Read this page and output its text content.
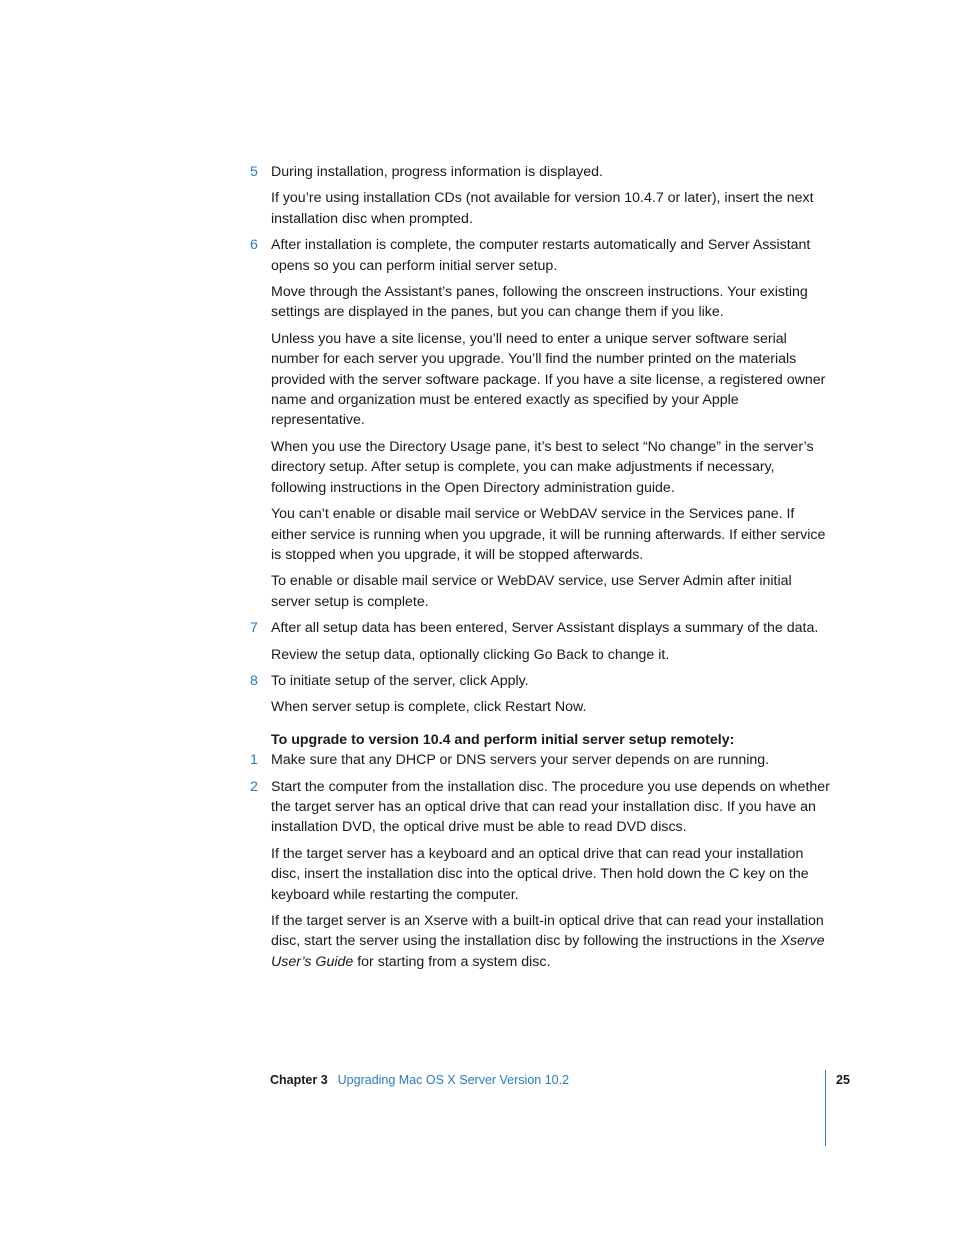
5 During installation, progress information is displayed.

If you’re using installation CDs (not available for version 10.4.7 or later), insert the next installation disc when prompted.

6 After installation is complete, the computer restarts automatically and Server Assistant opens so you can perform initial server setup.

Move through the Assistant’s panes, following the onscreen instructions. Your existing settings are displayed in the panes, but you can change them if you like.

Unless you have a site license, you’ll need to enter a unique server software serial number for each server you upgrade. You’ll find the number printed on the materials provided with the server software package. If you have a site license, a registered owner name and organization must be entered exactly as specified by your Apple representative.

When you use the Directory Usage pane, it’s best to select “No change” in the server’s directory setup. After setup is complete, you can make adjustments if necessary, following instructions in the Open Directory administration guide.

You can’t enable or disable mail service or WebDAV service in the Services pane. If either service is running when you upgrade, it will be running afterwards. If either service is stopped when you upgrade, it will be stopped afterwards.

To enable or disable mail service or WebDAV service, use Server Admin after initial server setup is complete.

7 After all setup data has been entered, Server Assistant displays a summary of the data.

Review the setup data, optionally clicking Go Back to change it.

8 To initiate setup of the server, click Apply.

When server setup is complete, click Restart Now.

To upgrade to version 10.4 and perform initial server setup remotely:
1 Make sure that any DHCP or DNS servers your server depends on are running.

2 Start the computer from the installation disc. The procedure you use depends on whether the target server has an optical drive that can read your installation disc. If you have an installation DVD, the optical drive must be able to read DVD discs.

If the target server has a keyboard and an optical drive that can read your installation disc, insert the installation disc into the optical drive. Then hold down the C key on the keyboard while restarting the computer.

If the target server is an Xserve with a built-in optical drive that can read your installation disc, start the server using the installation disc by following the instructions in the Xserve User’s Guide for starting from a system disc.

Chapter 3 Upgrading Mac OS X Server Version 10.2	25
